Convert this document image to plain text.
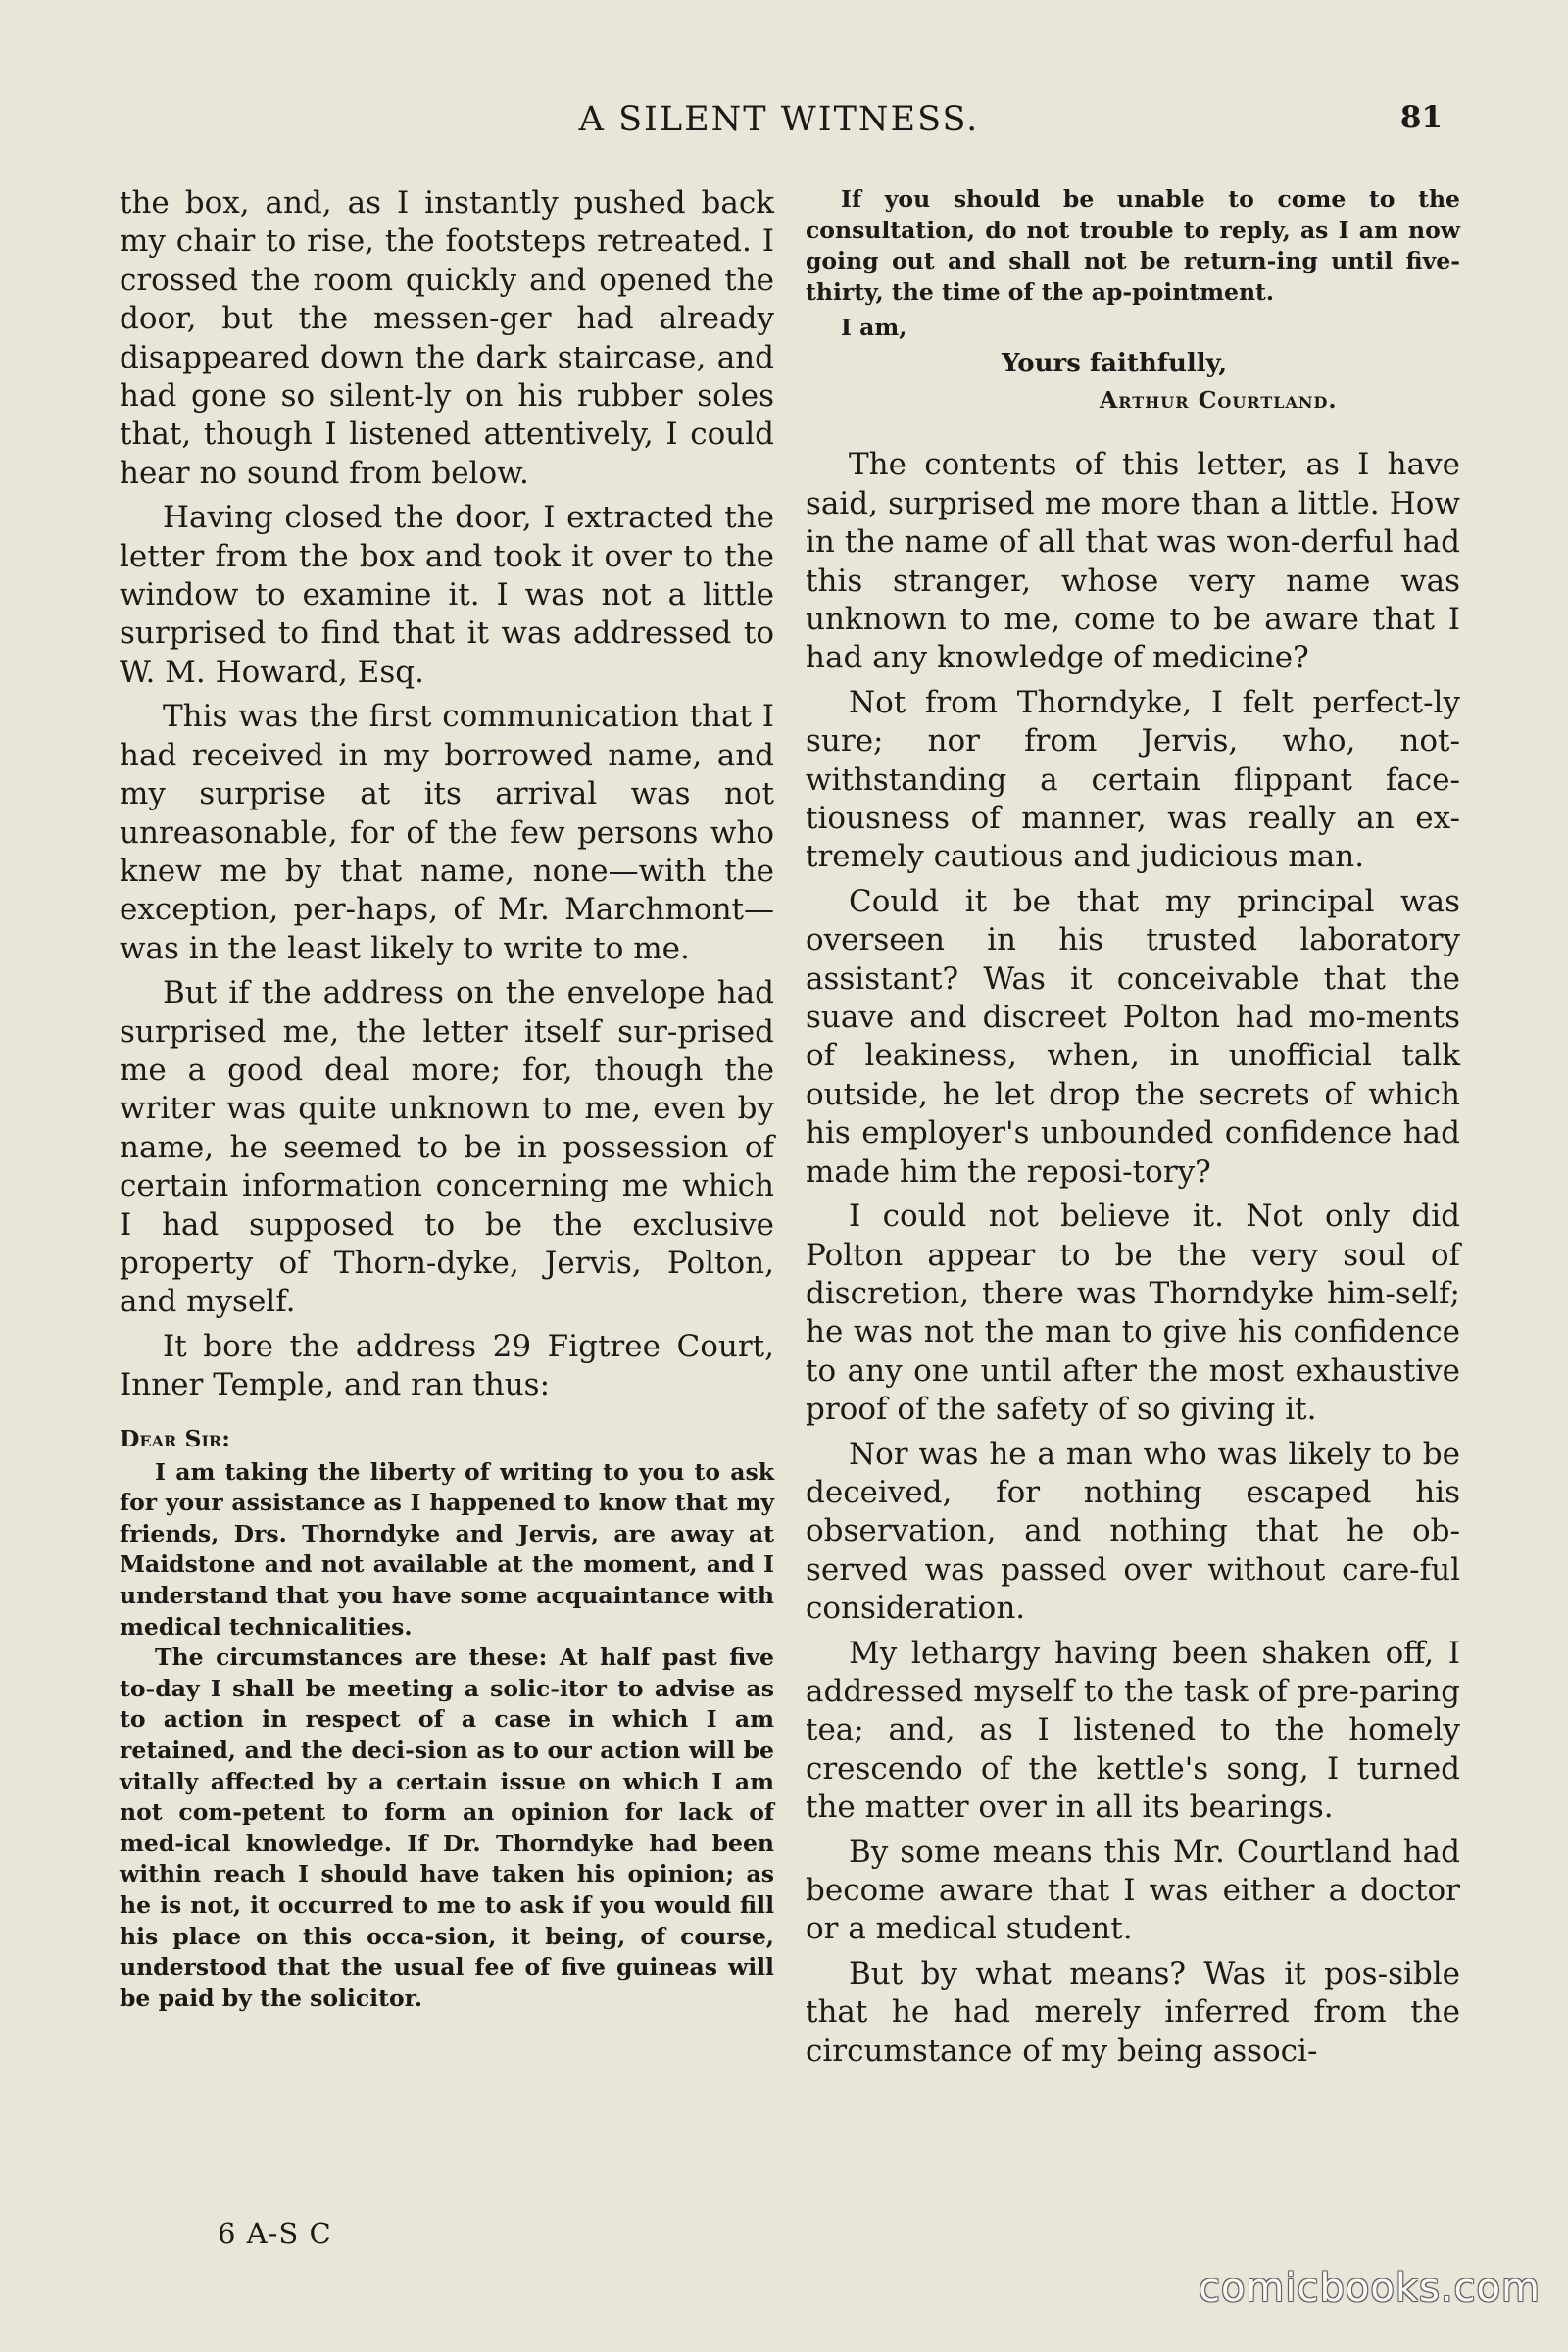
A SILENT WITNESS.	81

the box, and, as I instantly pushed back my chair to rise, the footsteps retreated. I crossed the room quickly and opened the door, but the messen-ger had already disappeared down the dark staircase, and had gone so silent-ly on his rubber soles that, though I listened attentively, I could hear no sound from below.

Having closed the door, I extracted the letter from the box and took it over to the window to examine it. I was not a little surprised to find that it was addressed to W. M. Howard, Esq.

This was the first communication that I had received in my borrowed name, and my surprise at its arrival was not unreasonable, for of the few persons who knew me by that name, none—with the exception, per-haps, of Mr. Marchmont—was in the least likely to write to me.

But if the address on the envelope had surprised me, the letter itself sur-prised me a good deal more; for, though the writer was quite unknown to me, even by name, he seemed to be in possession of certain information concerning me which I had supposed to be the exclusive property of Thorn-dyke, Jervis, Polton, and myself.

It bore the address 29 Figtree Court, Inner Temple, and ran thus:

Dear Sir:

I am taking the liberty of writing to you to ask for your assistance as I happened to know that my friends, Drs. Thorndyke and Jervis, are away at Maidstone and not available at the moment, and I understand that you have some acquaintance with medical technicalities.

The circumstances are these: At half past five to-day I shall be meeting a solic-itor to advise as to action in respect of a case in which I am retained, and the deci-sion as to our action will be vitally affected by a certain issue on which I am not com-petent to form an opinion for lack of med-ical knowledge. If Dr. Thorndyke had been within reach I should have taken his opinion; as he is not, it occurred to me to ask if you would fill his place on this occa-sion, it being, of course, understood that the usual fee of five guineas will be paid by the solicitor.

If you should be unable to come to the consultation, do not trouble to reply, as I am now going out and shall not be return-ing until five-thirty, the time of the ap-pointment.

I am,
Yours faithfully,
Arthur Courtland.

The contents of this letter, as I have said, surprised me more than a little. How in the name of all that was won-derful had this stranger, whose very name was unknown to me, come to be aware that I had any knowledge of medicine?

Not from Thorndyke, I felt perfect-ly sure; nor from Jervis, who, not-withstanding a certain flippant face-tiousness of manner, was really an ex-tremely cautious and judicious man.

Could it be that my principal was overseen in his trusted laboratory assistant? Was it conceivable that the suave and discreet Polton had mo-ments of leakiness, when, in unofficial talk outside, he let drop the secrets of which his employer's unbounded confidence had made him the reposi-tory?

I could not believe it. Not only did Polton appear to be the very soul of discretion, there was Thorndyke him-self; he was not the man to give his confidence to any one until after the most exhaustive proof of the safety of so giving it.

Nor was he a man who was likely to be deceived, for nothing escaped his observation, and nothing that he ob-served was passed over without care-ful consideration.

My lethargy having been shaken off, I addressed myself to the task of pre-paring tea; and, as I listened to the homely crescendo of the kettle's song, I turned the matter over in all its bearings.

By some means this Mr. Courtland had become aware that I was either a doctor or a medical student.

But by what means? Was it pos-sible that he had merely inferred from the circumstance of my being associ-

6 A-S C
comicbooks.com
